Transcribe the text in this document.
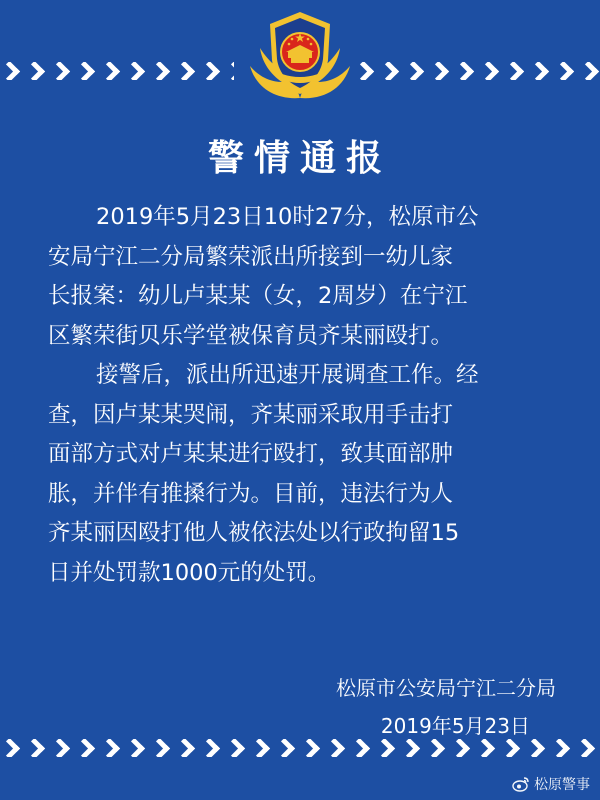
警情通报
2019年5月23日10时27分，松原市公
安局宁江二分局繁荣派出所接到一幼儿家
长报案：幼儿卢某某（女，2周岁）在宁江
区繁荣街贝乐学堂被保育员齐某丽殴打。
接警后，派出所迅速开展调查工作。经
查，因卢某某哭闹，齐某丽采取用手击打
面部方式对卢某某进行殴打，致其面部肿
胀，并伴有推搡行为。目前，违法行为人
齐某丽因殴打他人被依法处以行政拘留15
日并处罚款1000元的处罚。
松原市公安局宁江二分局
2019年5月23日
松原警事
